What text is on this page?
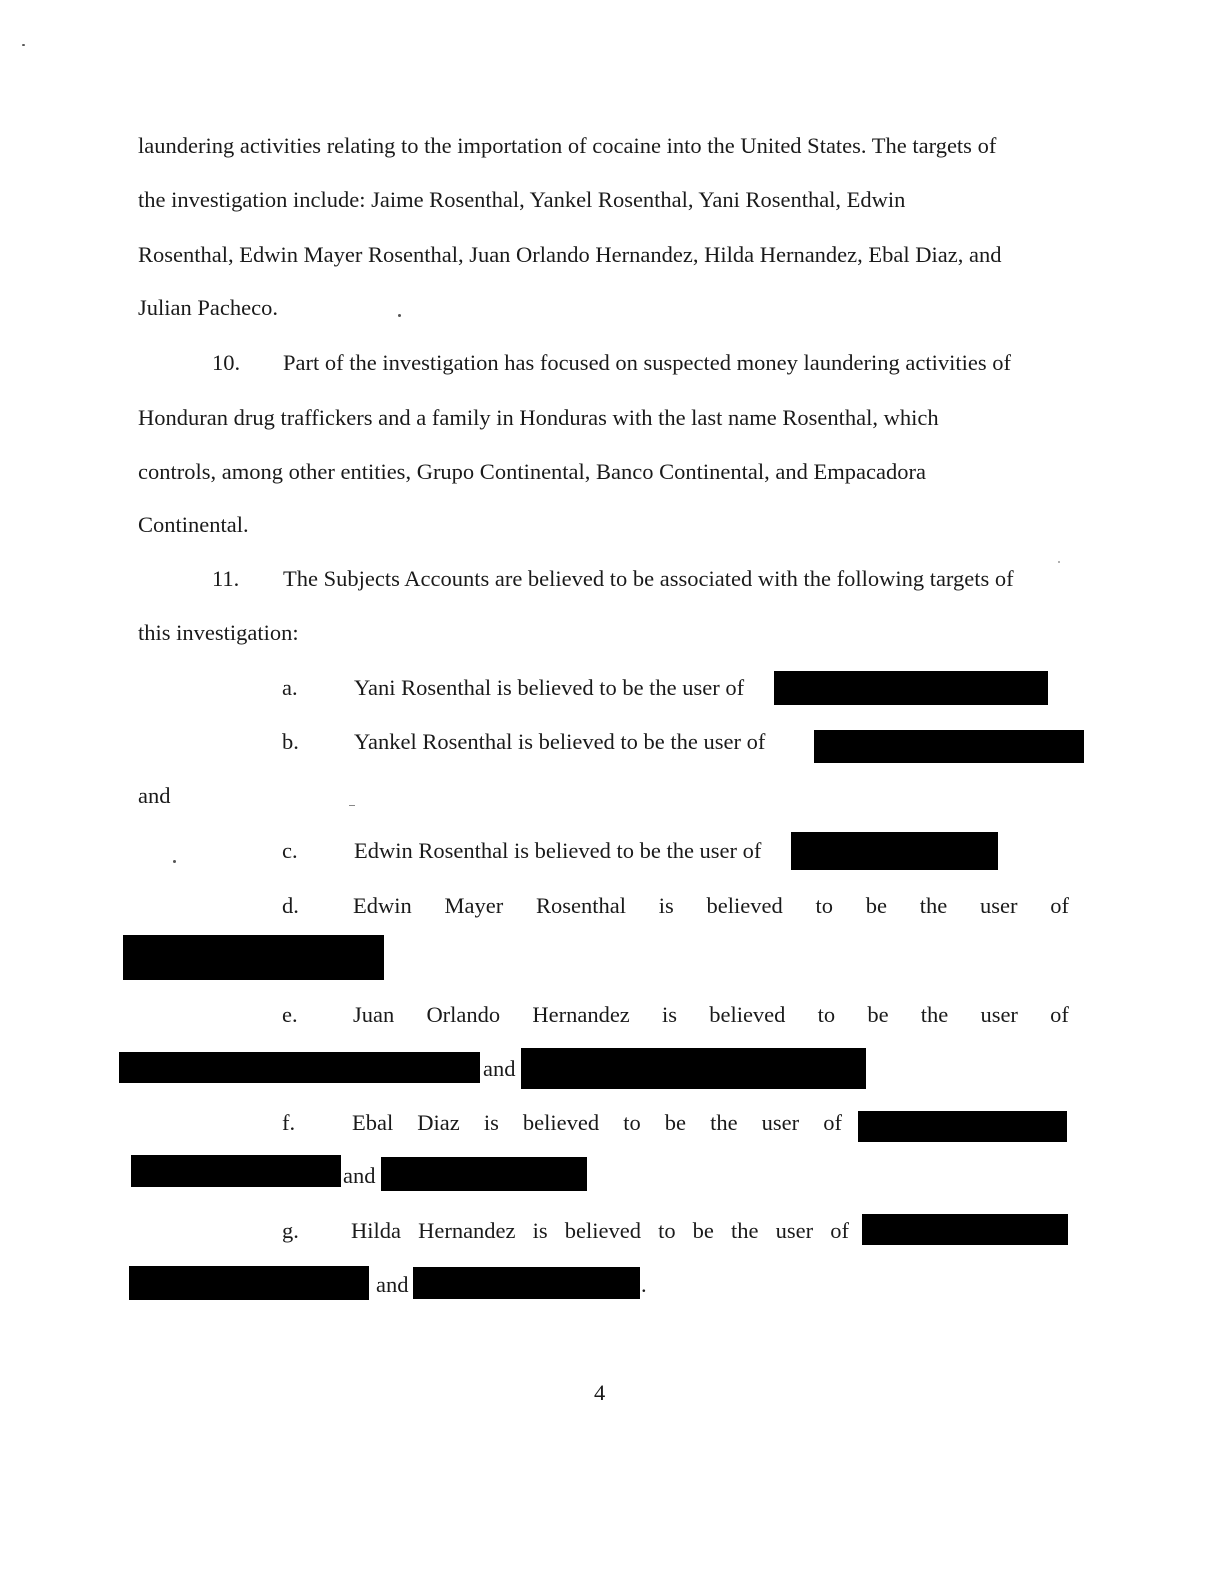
laundering activities relating to the importation of cocaine into the United States. The targets of
the investigation include: Jaime Rosenthal, Yankel Rosenthal, Yani Rosenthal, Edwin
Rosenthal, Edwin Mayer Rosenthal, Juan Orlando Hernandez, Hilda Hernandez, Ebal Diaz, and
Julian Pacheco.
10. Part of the investigation has focused on suspected money laundering activities of
Honduran drug traffickers and a family in Honduras with the last name Rosenthal, which
controls, among other entities, Grupo Continental, Banco Continental, and Empacadora
Continental.
11. The Subjects Accounts are believed to be associated with the following targets of
this investigation:
a.	Yani Rosenthal is believed to be the user of
b. Yankel Rosenthal is believed to be the user of
and
c.	Edwin Rosenthal is believed to be the user of
d. Edwin Mayer Rosenthal is believed to be the user of
e. Juan Orlando Hernandez is believed to be the user of
and
f.	Ebal Diaz is believed to be the user of
and
g. Hilda Hernandez is believed to be the user of
and	.
4
